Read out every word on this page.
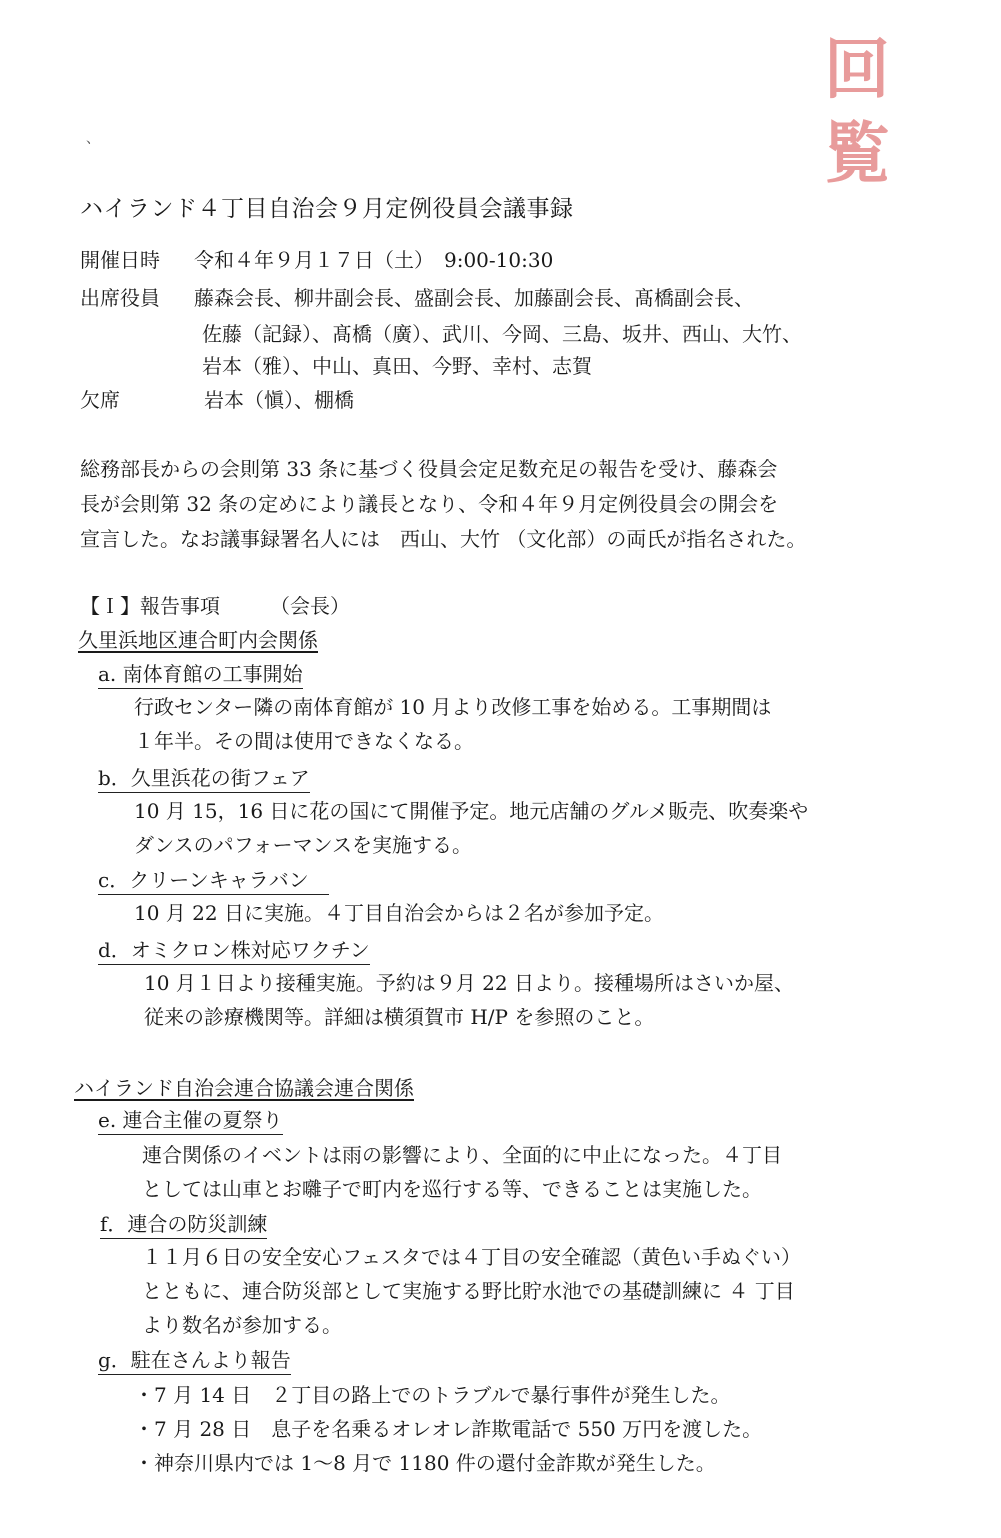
回
覧
、
ハイランド４丁目自治会９月定例役員会議事録
開催日時 令和４年９月１７日（土）　9:00-10:30
出席役員 藤森会長、柳井副会長、盛副会長、加藤副会長、髙橋副会長、
佐藤（記録）、髙橋（廣）、武川、今岡、三島、坂井、西山、大竹、
岩本（雅）、中山、真田、今野、幸村、志賀
欠席	岩本（愼）、棚橋
総務部長からの会則第 33 条に基づく役員会定足数充足の報告を受け、藤森会
長が会則第 32 条の定めにより議長となり、令和４年９月定例役員会の開会を
宣言した。なお議事録署名人には　西山、大竹 （文化部）の両氏が指名された。
【Ｉ】報告事項　　　（会長）
久里浜地区連合町内会関係
a. 南体育館の工事開始
行政センター隣の南体育館が 10 月より改修工事を始める。工事期間は
１年半。その間は使用できなくなる。
b．久里浜花の街フェア
10 月 15，16 日に花の国にて開催予定。地元店舗のグルメ販売、吹奏楽や
ダンスのパフォーマンスを実施する。
c．クリーンキャラバン
10 月 22 日に実施。４丁目自治会からは２名が参加予定。
d．オミクロン株対応ワクチン
10 月１日より接種実施。予約は９月 22 日より。接種場所はさいか屋、
従来の診療機関等。詳細は横須賀市 H/P を参照のこと。
ハイランド自治会連合協議会連合関係
e. 連合主催の夏祭り
連合関係のイベントは雨の影響により、全面的に中止になった。４丁目
としては山車とお囃子で町内を巡行する等、できることは実施した。
f．連合の防災訓練
１１月６日の安全安心フェスタでは４丁目の安全確認（黄色い手ぬぐい）
とともに、連合防災部として実施する野比貯水池での基礎訓練に ４ 丁目
より数名が参加する。
g．駐在さんより報告
・7 月 14 日　２丁目の路上でのトラブルで暴行事件が発生した。
・7 月 28 日　息子を名乗るオレオレ詐欺電話で 550 万円を渡した。
・神奈川県内では 1～8 月で 1180 件の還付金詐欺が発生した。
